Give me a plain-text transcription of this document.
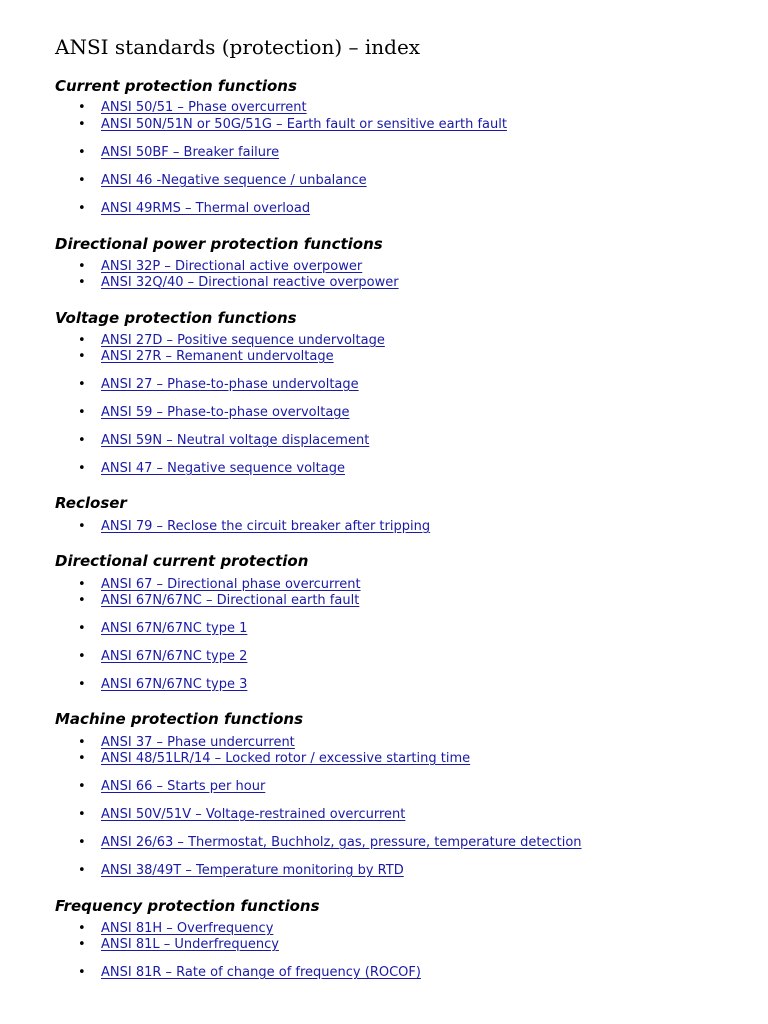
ANSI standards (protection) – index
Current protection functions
• ANSI 50/51 – Phase overcurrent
• ANSI 50N/51N or 50G/51G – Earth fault or sensitive earth fault
• ANSI 50BF – Breaker failure
• ANSI 46 -Negative sequence / unbalance
• ANSI 49RMS – Thermal overload
Directional power protection functions
• ANSI 32P – Directional active overpower
• ANSI 32Q/40 – Directional reactive overpower
Voltage protection functions
• ANSI 27D – Positive sequence undervoltage
• ANSI 27R – Remanent undervoltage
• ANSI 27 – Phase-to-phase undervoltage
• ANSI 59 – Phase-to-phase overvoltage
• ANSI 59N – Neutral voltage displacement
• ANSI 47 – Negative sequence voltage
Recloser
• ANSI 79 – Reclose the circuit breaker after tripping
Directional current protection
• ANSI 67 – Directional phase overcurrent
• ANSI 67N/67NC – Directional earth fault
• ANSI 67N/67NC type 1
• ANSI 67N/67NC type 2
• ANSI 67N/67NC type 3
Machine protection functions
• ANSI 37 – Phase undercurrent
• ANSI 48/51LR/14 – Locked rotor / excessive starting time
• ANSI 66 – Starts per hour
• ANSI 50V/51V – Voltage-restrained overcurrent
• ANSI 26/63 – Thermostat, Buchholz, gas, pressure, temperature detection
• ANSI 38/49T – Temperature monitoring by RTD
Frequency protection functions
• ANSI 81H – Overfrequency
• ANSI 81L – Underfrequency
• ANSI 81R – Rate of change of frequency (ROCOF)
